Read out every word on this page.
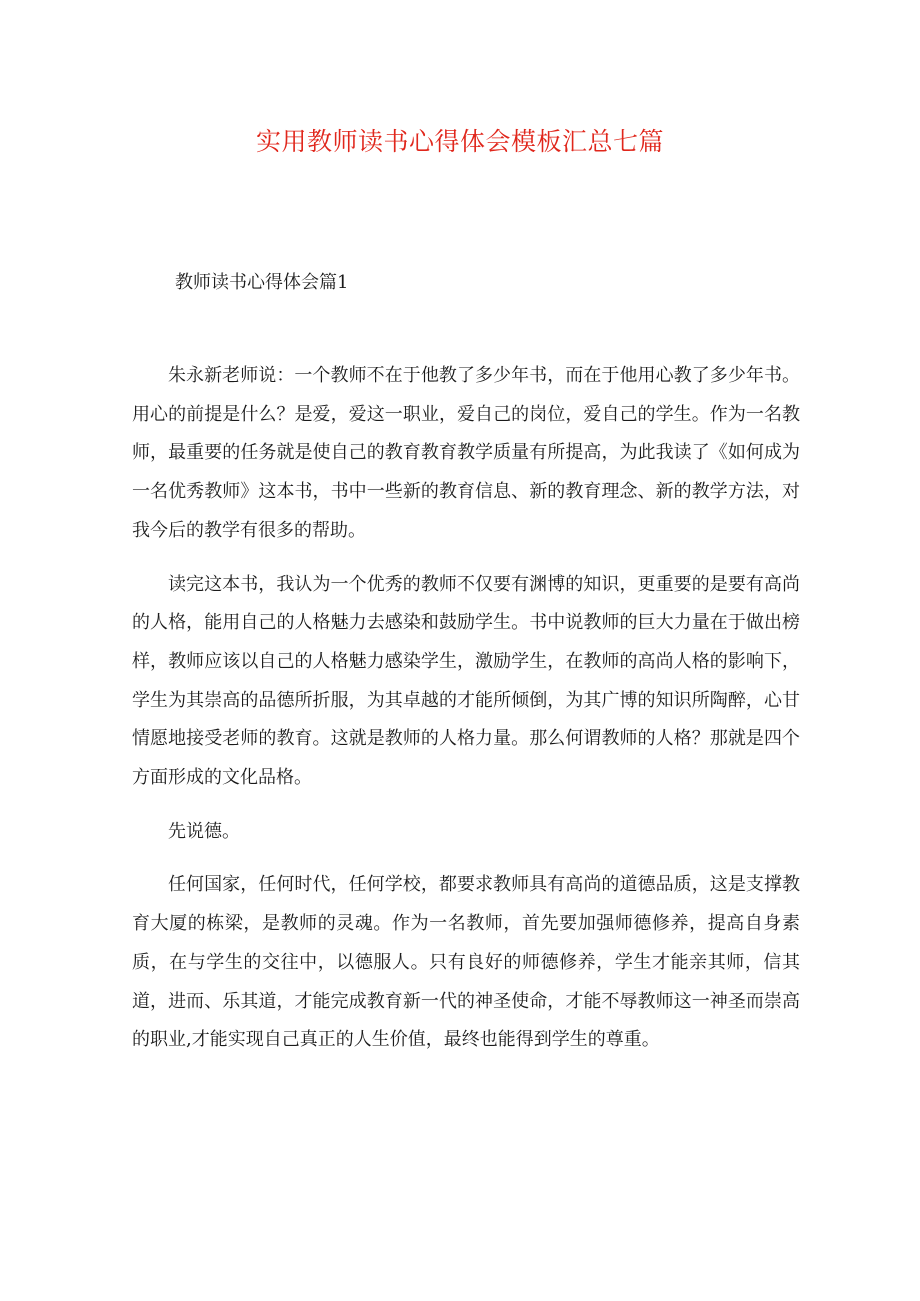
实用教师读书心得体会模板汇总七篇
教师读书心得体会篇1

朱永新老师说：一个教师不在于他教了多少年书，而在于他用心教了多少年书。用心的前提是什么？是爱，爱这一职业，爱自己的岗位，爱自己的学生。作为一名教师，最重要的任务就是使自己的教育教育教学质量有所提高，为此我读了《如何成为一名优秀教师》这本书，书中一些新的教育信息、新的教育理念、新的教学方法，对我今后的教学有很多的帮助。

读完这本书，我认为一个优秀的教师不仅要有渊博的知识，更重要的是要有高尚的人格，能用自己的人格魅力去感染和鼓励学生。书中说教师的巨大力量在于做出榜样，教师应该以自己的人格魅力感染学生，激励学生，在教师的高尚人格的影响下，学生为其崇高的品德所折服，为其卓越的才能所倾倒，为其广博的知识所陶醉，心甘情愿地接受老师的教育。这就是教师的人格力量。那么何谓教师的人格？那就是四个方面形成的文化品格。

先说德。

任何国家，任何时代，任何学校，都要求教师具有高尚的道德品质，这是支撑教育大厦的栋梁，是教师的灵魂。作为一名教师，首先要加强师德修养，提高自身素质，在与学生的交往中，以德服人。只有良好的师德修养，学生才能亲其师，信其道，进而、乐其道，才能完成教育新一代的神圣使命，才能不辱教师这一神圣而崇高的职业,才能实现自己真正的人生价值，最终也能得到学生的尊重。
